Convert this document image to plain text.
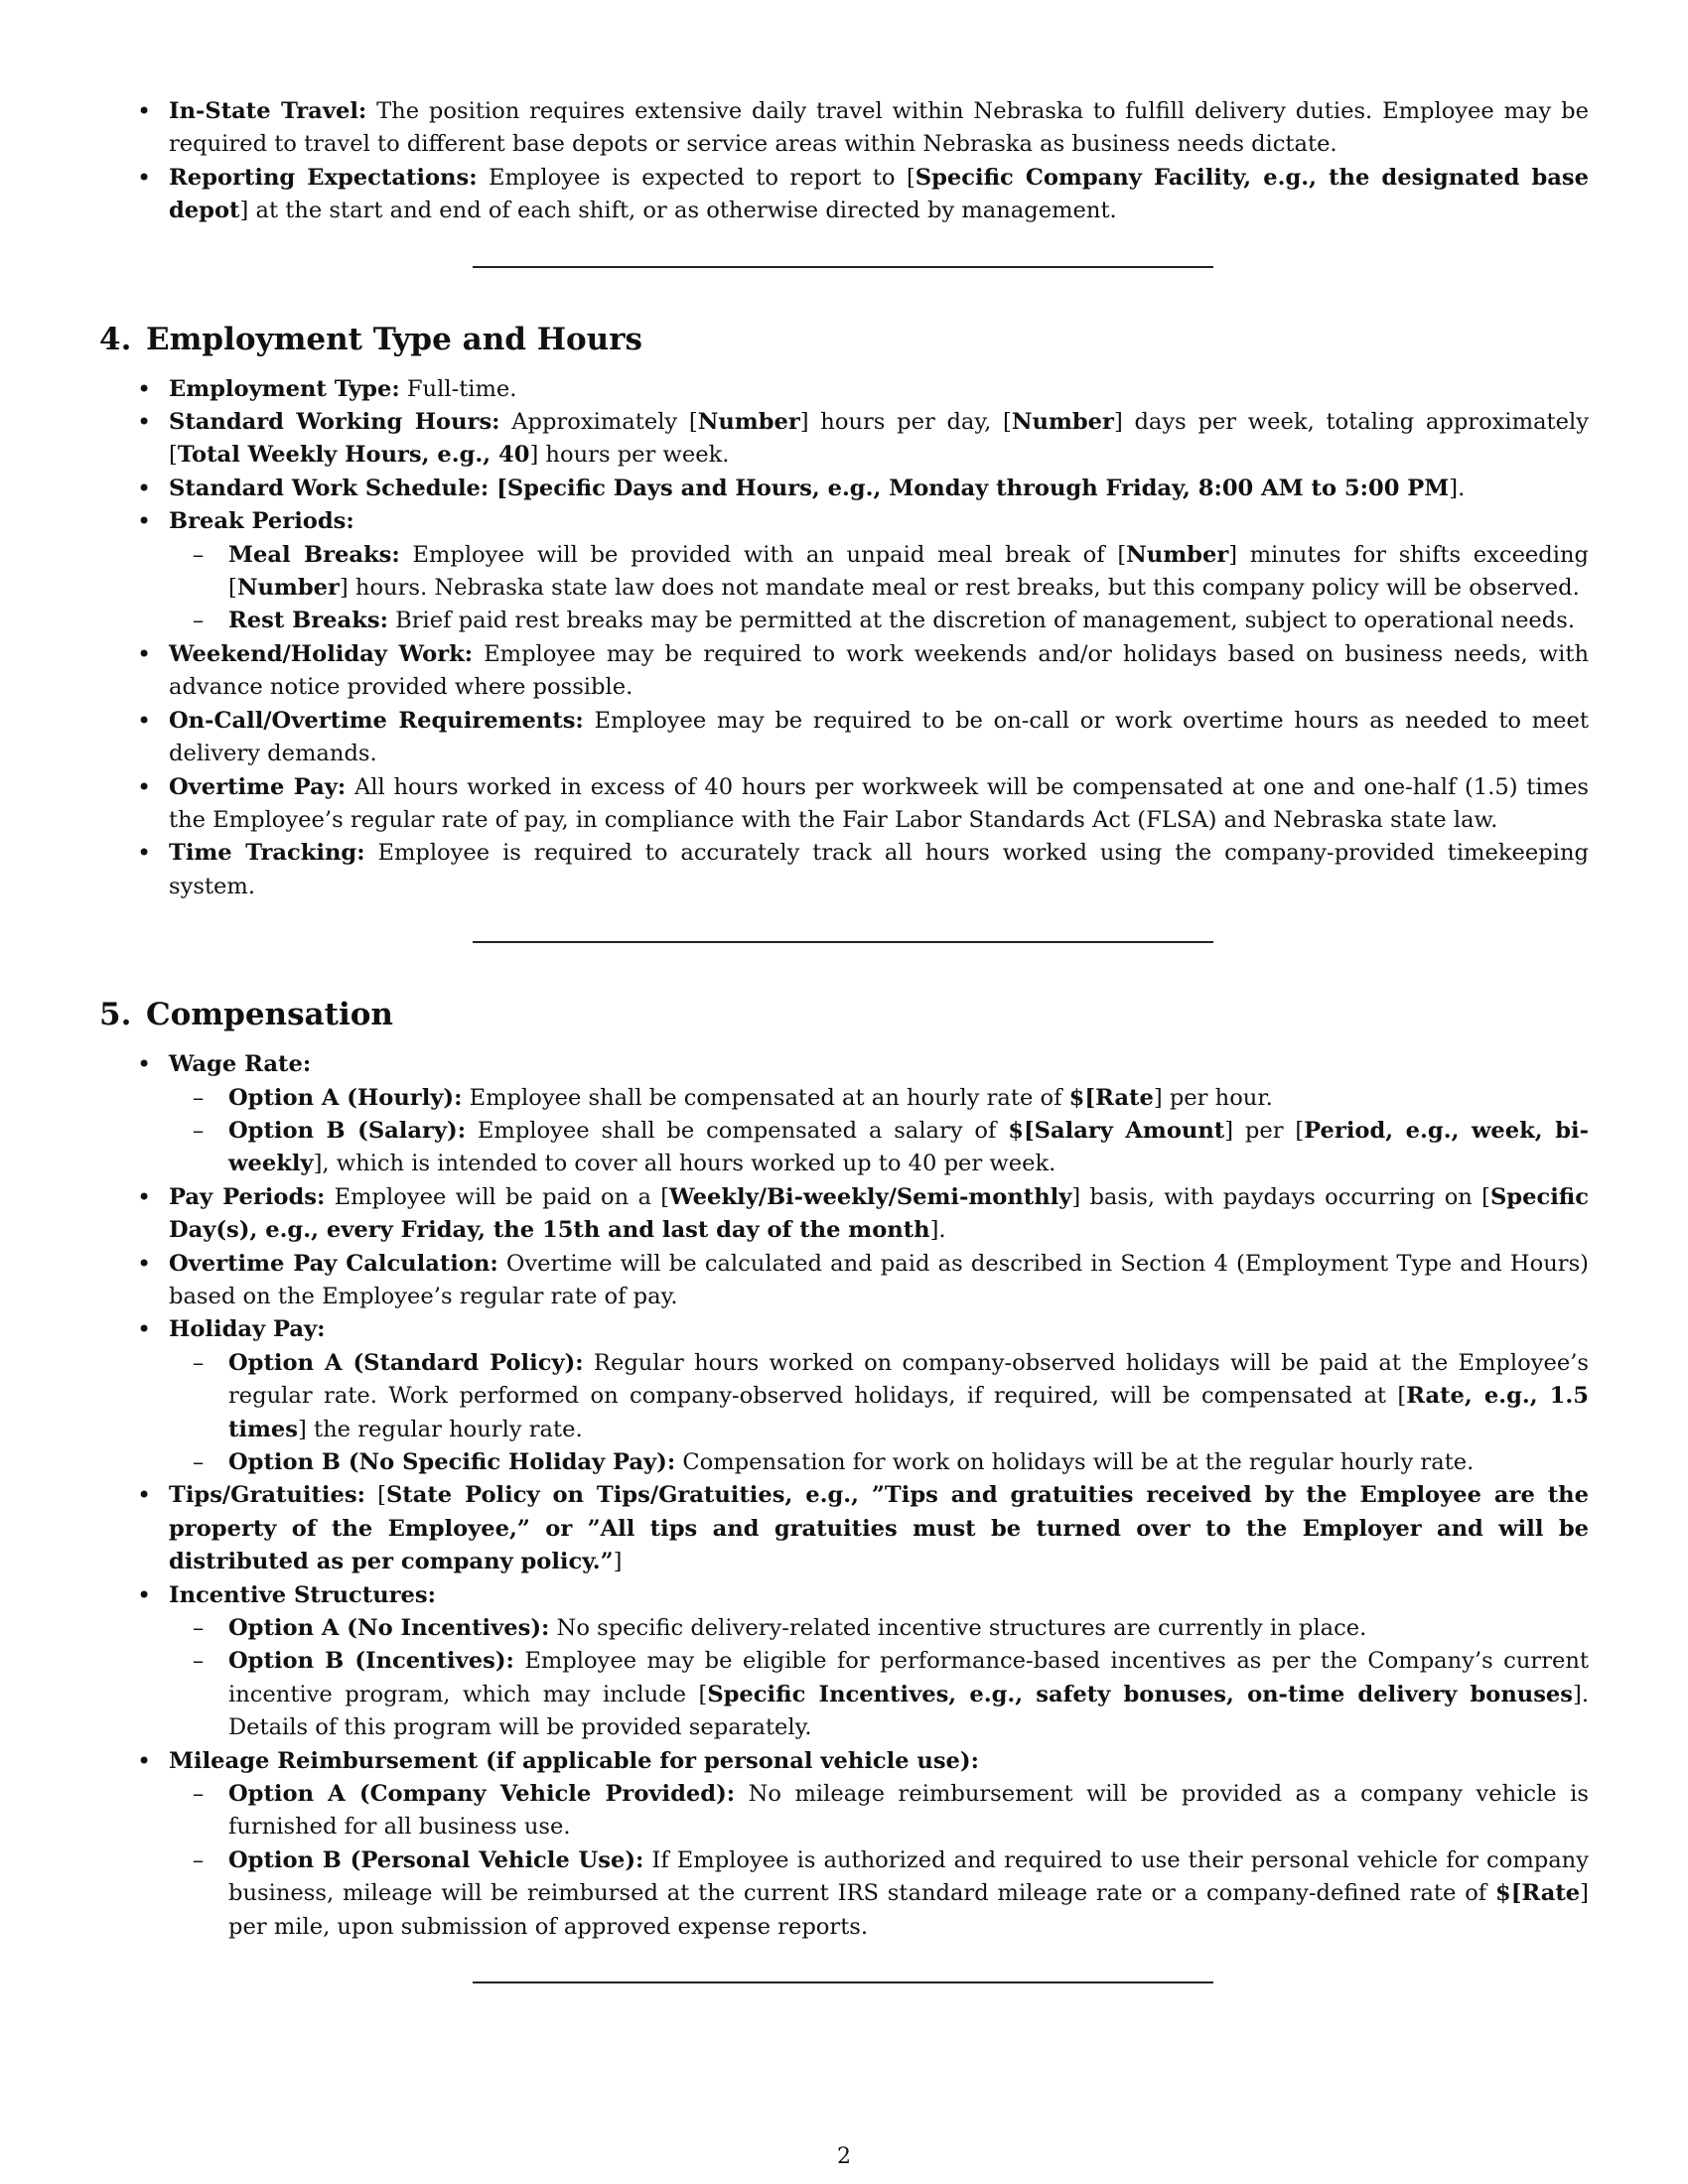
• In-State Travel: The position requires extensive daily travel within Nebraska to fulfill delivery duties. Employee may be required to travel to different base depots or service areas within Nebraska as business needs dictate.
• Reporting Expectations: Employee is expected to report to [Specific Company Facility, e.g., the designated base depot] at the start and end of each shift, or as otherwise directed by management.
4. Employment Type and Hours
• Employment Type: Full-time.
• Standard Working Hours: Approximately [Number] hours per day, [Number] days per week, totaling approximately [Total Weekly Hours, e.g., 40] hours per week.
• Standard Work Schedule: [Specific Days and Hours, e.g., Monday through Friday, 8:00 AM to 5:00 PM].
• Break Periods:
– Meal Breaks: Employee will be provided with an unpaid meal break of [Number] minutes for shifts exceeding [Number] hours. Nebraska state law does not mandate meal or rest breaks, but this company policy will be observed.
– Rest Breaks: Brief paid rest breaks may be permitted at the discretion of management, subject to operational needs.
• Weekend/Holiday Work: Employee may be required to work weekends and/or holidays based on business needs, with advance notice provided where possible.
• On-Call/Overtime Requirements: Employee may be required to be on-call or work overtime hours as needed to meet delivery demands.
• Overtime Pay: All hours worked in excess of 40 hours per workweek will be compensated at one and one-half (1.5) times the Employee’s regular rate of pay, in compliance with the Fair Labor Standards Act (FLSA) and Nebraska state law.
• Time Tracking: Employee is required to accurately track all hours worked using the company-provided timekeeping system.
5. Compensation
• Wage Rate:
– Option A (Hourly): Employee shall be compensated at an hourly rate of $[Rate] per hour.
– Option B (Salary): Employee shall be compensated a salary of $[Salary Amount] per [Period, e.g., week, bi-weekly], which is intended to cover all hours worked up to 40 per week.
• Pay Periods: Employee will be paid on a [Weekly/Bi-weekly/Semi-monthly] basis, with paydays occurring on [Specific Day(s), e.g., every Friday, the 15th and last day of the month].
• Overtime Pay Calculation: Overtime will be calculated and paid as described in Section 4 (Employment Type and Hours) based on the Employee’s regular rate of pay.
• Holiday Pay:
– Option A (Standard Policy): Regular hours worked on company-observed holidays will be paid at the Employee’s regular rate. Work performed on company-observed holidays, if required, will be compensated at [Rate, e.g., 1.5 times] the regular hourly rate.
– Option B (No Specific Holiday Pay): Compensation for work on holidays will be at the regular hourly rate.
• Tips/Gratuities: [State Policy on Tips/Gratuities, e.g., ”Tips and gratuities received by the Employee are the property of the Employee,” or ”All tips and gratuities must be turned over to the Employer and will be distributed as per company policy.”]
• Incentive Structures:
– Option A (No Incentives): No specific delivery-related incentive structures are currently in place.
– Option B (Incentives): Employee may be eligible for performance-based incentives as per the Company’s current incentive program, which may include [Specific Incentives, e.g., safety bonuses, on-time delivery bonuses]. Details of this program will be provided separately.
• Mileage Reimbursement (if applicable for personal vehicle use):
– Option A (Company Vehicle Provided): No mileage reimbursement will be provided as a company vehicle is furnished for all business use.
– Option B (Personal Vehicle Use): If Employee is authorized and required to use their personal vehicle for company business, mileage will be reimbursed at the current IRS standard mileage rate or a company-defined rate of $[Rate] per mile, upon submission of approved expense reports.
2
